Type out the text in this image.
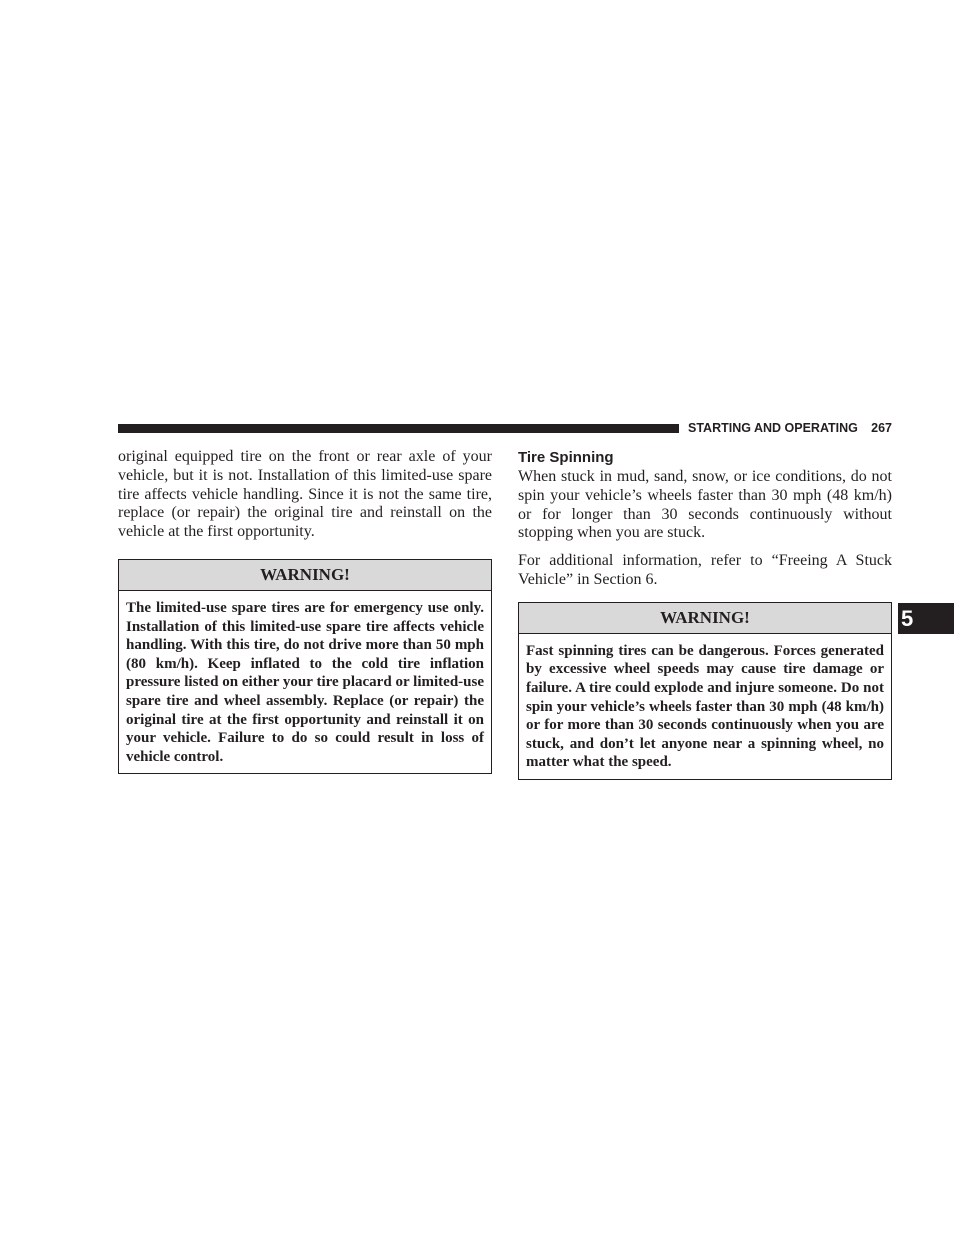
STARTING AND OPERATING 267

original equipped tire on the front or rear axle of your vehicle, but it is not. Installation of this limited-use spare tire affects vehicle handling. Since it is not the same tire, replace (or repair) the original tire and reinstall on the vehicle at the first opportunity.

WARNING!
The limited-use spare tires are for emergency use only. Installation of this limited-use spare tire affects vehicle handling. With this tire, do not drive more than 50 mph (80 km/h). Keep inflated to the cold tire inflation pressure listed on either your tire placard or limited-use spare tire and wheel assembly. Replace (or repair) the original tire at the first opportunity and reinstall it on your vehicle. Failure to do so could result in loss of vehicle control.
Tire Spinning

When stuck in mud, sand, snow, or ice conditions, do not spin your vehicle’s wheels faster than 30 mph (48 km/h) or for longer than 30 seconds continuously without stopping when you are stuck.

For additional information, refer to “Freeing A Stuck Vehicle” in Section 6.

WARNING!
Fast spinning tires can be dangerous. Forces generated by excessive wheel speeds may cause tire damage or failure. A tire could explode and injure someone. Do not spin your vehicle’s wheels faster than 30 mph (48 km/h) or for more than 30 seconds continuously when you are stuck, and don’t let anyone near a spinning wheel, no matter what the speed.
5
